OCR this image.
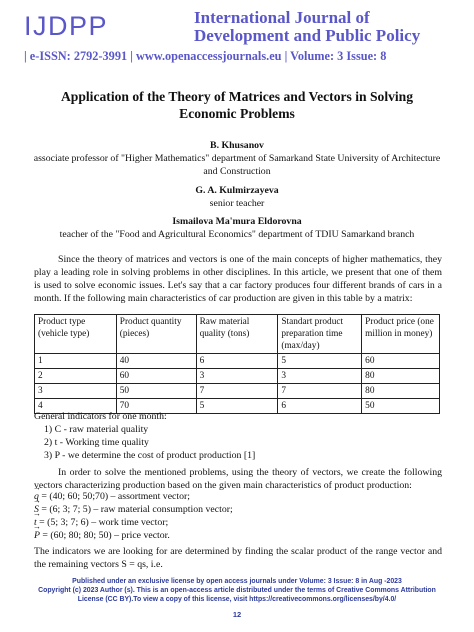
IJDPP	International Journal of Development and Public Policy
| e-ISSN: 2792-3991 | www.openaccessjournals.eu | Volume: 3 Issue: 8
Application of the Theory of Matrices and Vectors in Solving Economic Problems
B. Khusanov
associate professor of "Higher Mathematics" department of Samarkand State University of Architecture and Construction
G. A. Kulmirzayeva
senior teacher
Ismailova Ma'mura Eldorovna
teacher of the "Food and Agricultural Economics" department of TDIU Samarkand branch

Since the theory of matrices and vectors is one of the main concepts of higher mathematics, they play a leading role in solving problems in other disciplines. In this article, we present that one of them is used to solve economic issues. Let's say that a car factory produces four different brands of cars in a month. If the following main characteristics of car production are given in this table by a matrix:

Product type (vehicle type)	Product quantity (pieces)	Raw material quality (tons)	Standart product preparation time (max/day)	Product price (one million in money)
1	40	6	5	60
2	60	3	3	80
3	50	7	7	80
4	70	5	6	50
General indicators for one month:
1) C - raw material quality
2) t - Working time quality
3) P - we determine the cost of product production [1]

In order to solve the mentioned problems, using the theory of vectors, we create the following vectors characterizing production based on the given main characteristics of product production:

→ q = (40; 60; 50;70) – assortment vector;
→ S = (6; 3; 7; 5) – raw material consumption vector;
→ t = (5; 3; 7; 6) – work time vector;
→ P = (60; 80; 80; 50) – price vector.

The indicators we are looking for are determined by finding the scalar product of the range vector and the remaining vectors S = qs, i.e.

Published under an exclusive license by open access journals under Volume: 3 Issue: 8 in Aug -2023
Copyright (c) 2023 Author (s). This is an open-access article distributed under the terms of Creative Commons Attribution
License (CC BY).To view a copy of this license, visit https://creativecommons.org/licenses/by/4.0/
12
